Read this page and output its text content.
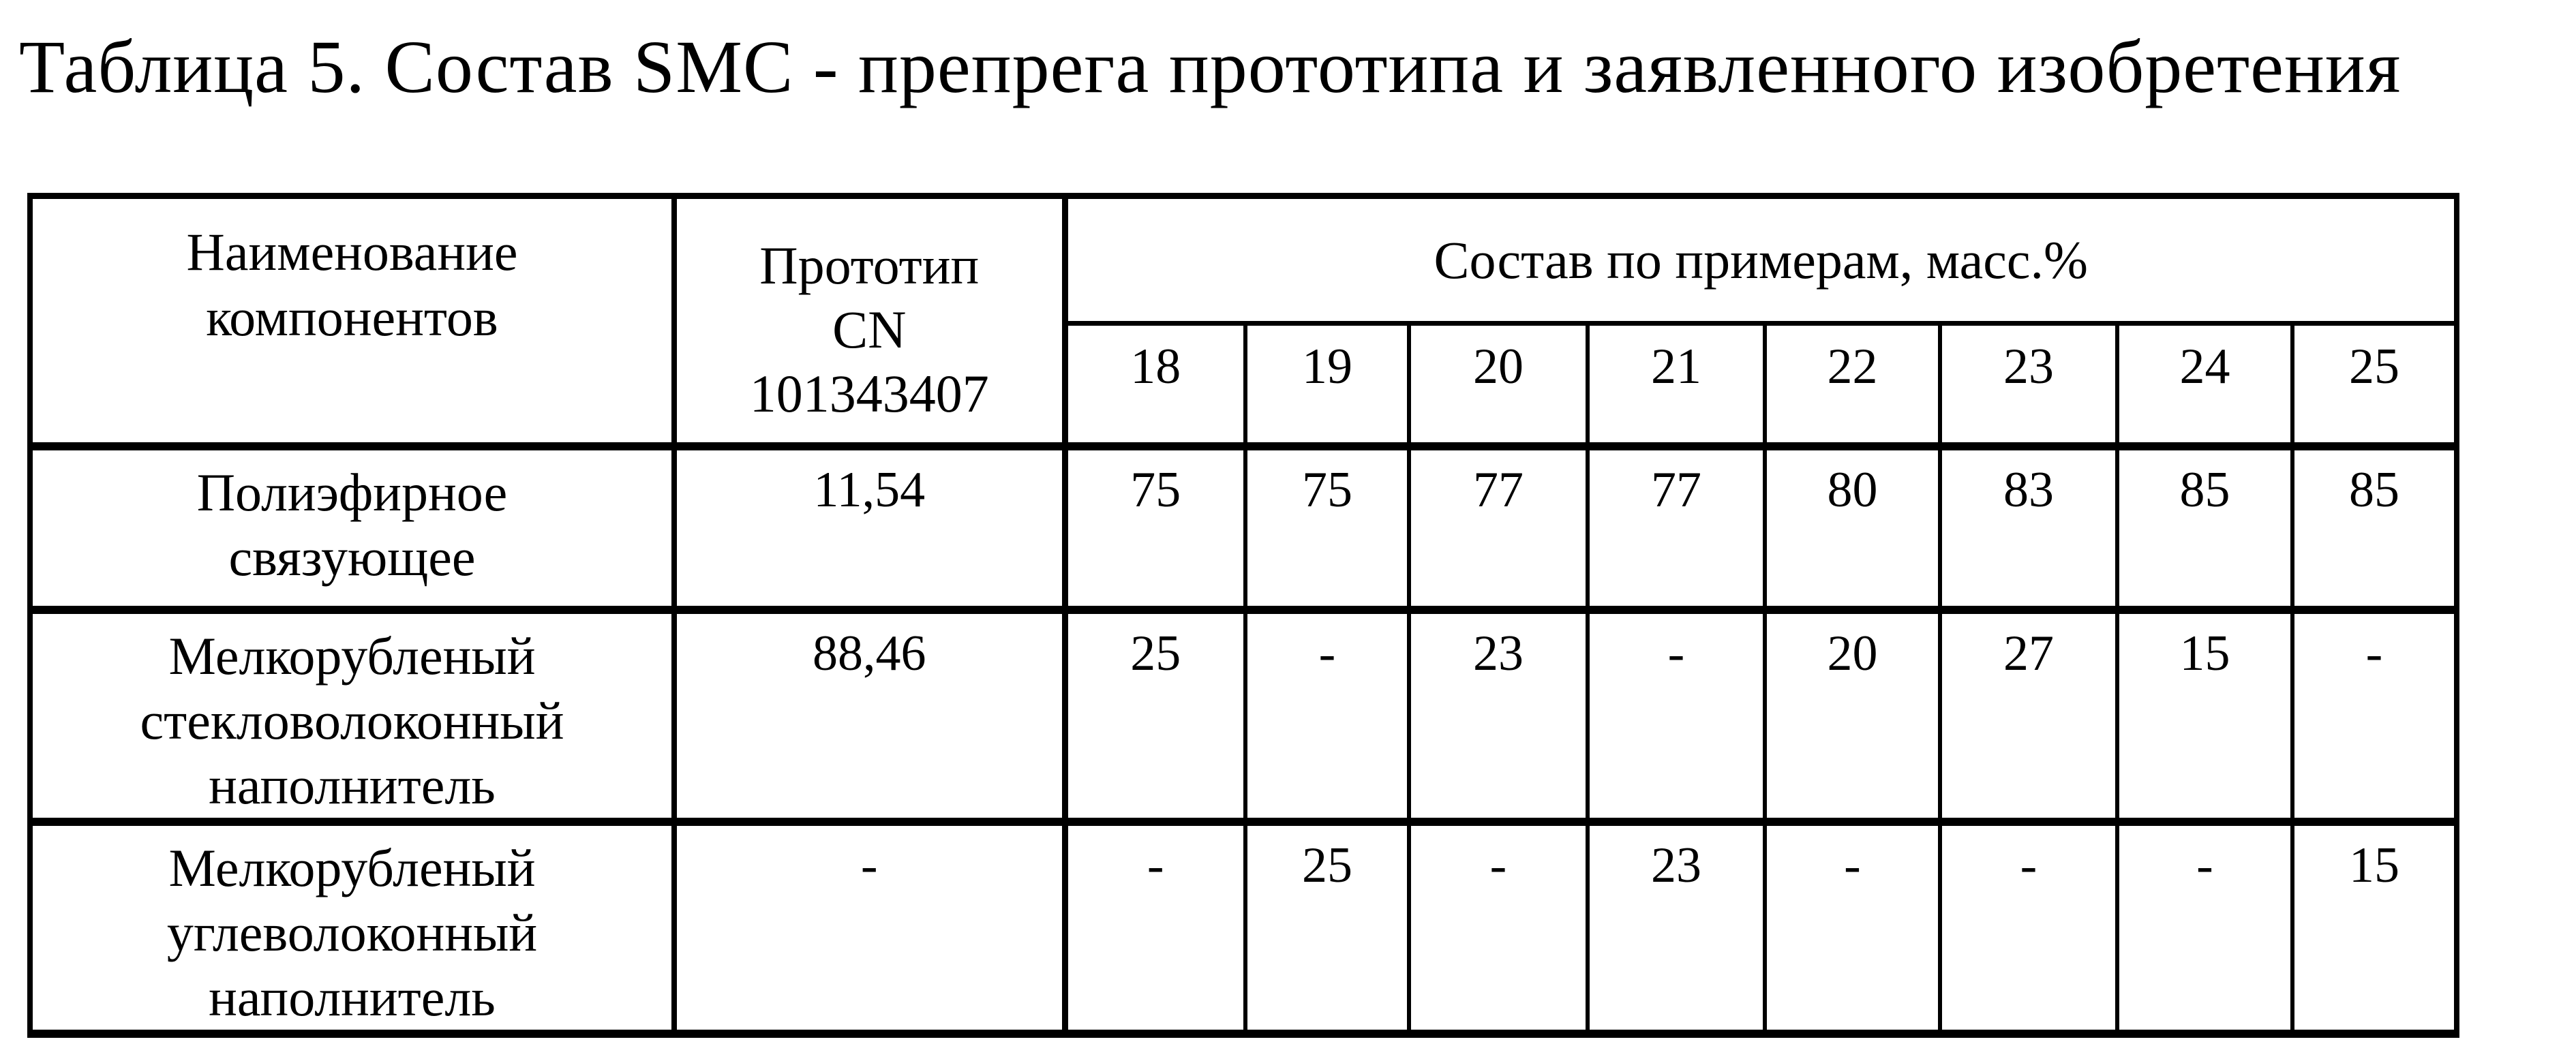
Таблица 5. Состав SMC - препрега прототипа и заявленного изобретения
Наименование
компонентов	Прототип
CN
101343407	Состав по примерам, масс.%							
		18	19	20	21	22	23	24	25

Полиэфирное
связующее	11,54	75	75	77	77	80	83	85	85

Мелкорубленый
стекловолоконный
наполнитель	88,46	25	-	23	-	20	27	15	-

Мелкорубленый
углеволоконный
наполнитель	-	-	25	-	23	-	-	-	15
